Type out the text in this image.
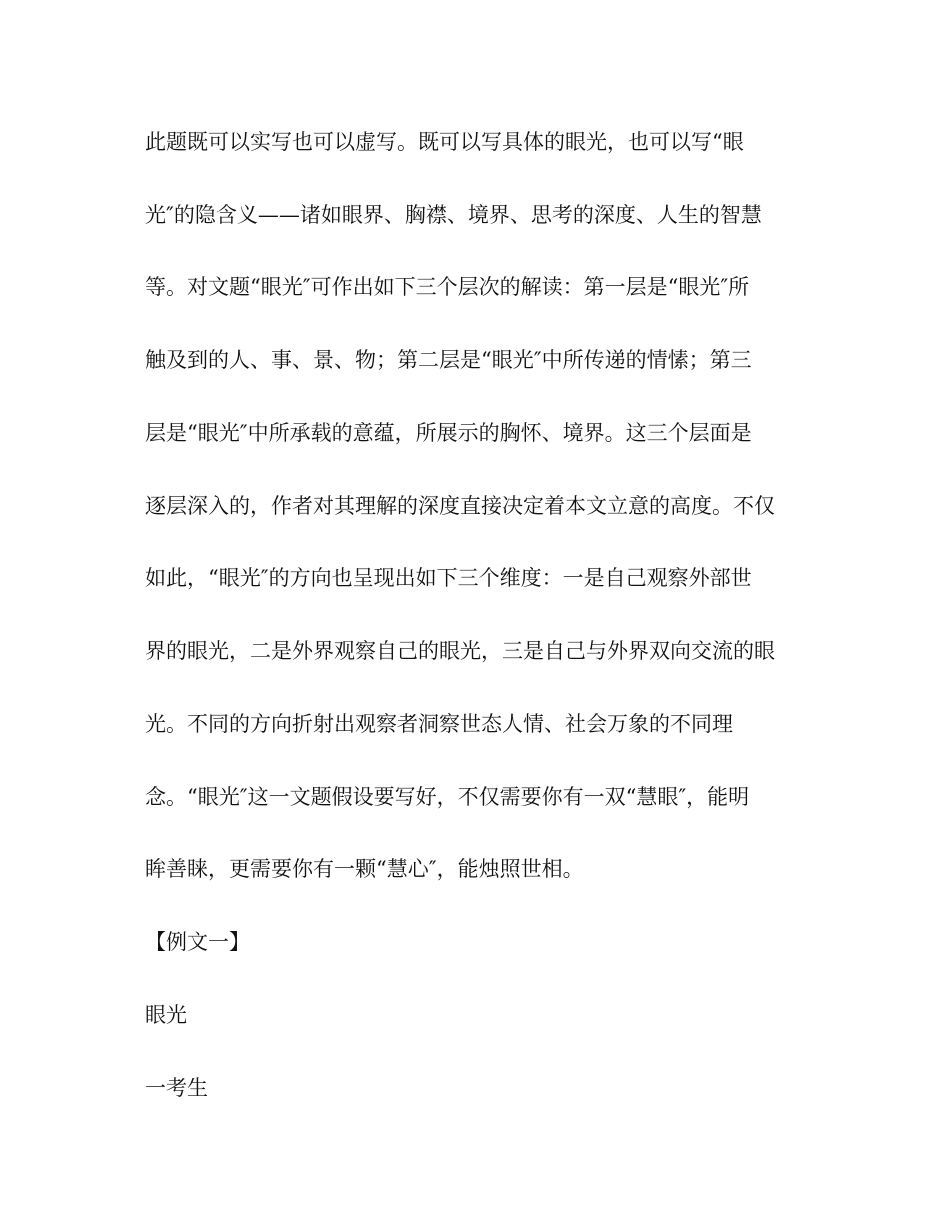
此题既可以实写也可以虚写。既可以写具体的眼光，也可以写“眼

光″的隐含义——诸如眼界、胸襟、境界、思考的深度、人生的智慧

等。对文题“眼光″可作出如下三个层次的解读：第一层是“眼光″所

触及到的人、事、景、物；第二层是“眼光″中所传递的情愫；第三

层是“眼光″中所承载的意蕴，所展示的胸怀、境界。这三个层面是

逐层深入的，作者对其理解的深度直接决定着本文立意的高度。不仅

如此，“眼光″的方向也呈现出如下三个维度：一是自己观察外部世

界的眼光，二是外界观察自己的眼光，三是自己与外界双向交流的眼

光。不同的方向折射出观察者洞察世态人情、社会万象的不同理

念。“眼光″这一文题假设要写好，不仅需要你有一双“慧眼″，能明

眸善睐，更需要你有一颗“慧心″，能烛照世相。

【例文一】

眼光

一考生
